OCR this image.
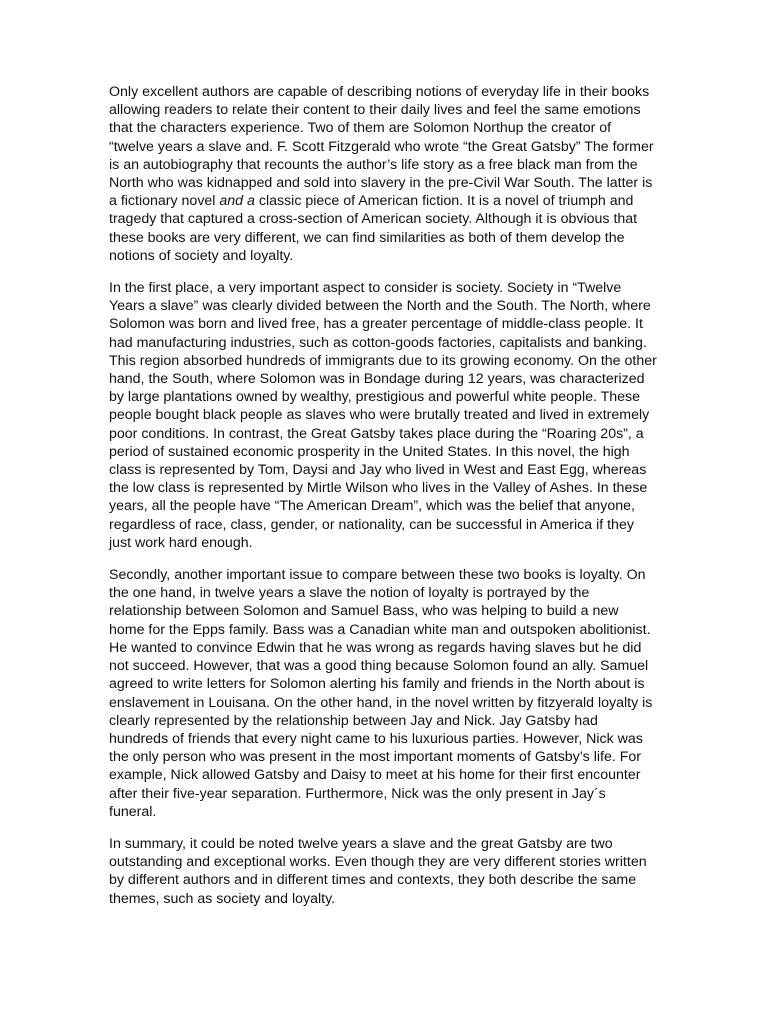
Only excellent authors are capable of describing notions of everyday life in their books allowing readers to relate their content to their daily lives and feel the same emotions that the characters experience. Two of them are Solomon Northup the creator of “twelve years a slave and. F. Scott Fitzgerald who wrote “the Great Gatsby” The former is an autobiography that recounts the author’s life story as a free black man from the North who was kidnapped and sold into slavery in the pre-Civil War South. The latter is a fictionary novel and a classic piece of American fiction. It is a novel of triumph and tragedy that captured a cross-section of American society. Although it is obvious that these books are very different, we can find similarities as both of them develop the notions of society and loyalty.

In the first place, a very important aspect to consider is society. Society in “Twelve Years a slave” was clearly divided between the North and the South. The North, where Solomon was born and lived free, has a greater percentage of middle-class people. It had manufacturing industries, such as cotton-goods factories, capitalists and banking. This region absorbed hundreds of immigrants due to its growing economy. On the other hand, the South, where Solomon was in Bondage during 12 years, was characterized by large plantations owned by wealthy, prestigious and powerful white people. These people bought black people as slaves who were brutally treated and lived in extremely poor conditions. In contrast, the Great Gatsby takes place during the “Roaring 20s”, a period of sustained economic prosperity in the United States. In this novel, the high class is represented by Tom, Daysi and Jay who lived in West and East Egg, whereas the low class is represented by Mirtle Wilson who lives in the Valley of Ashes. In these years, all the people have “The American Dream”, which was the belief that anyone, regardless of race, class, gender, or nationality, can be successful in America if they just work hard enough.

Secondly, another important issue to compare between these two books is loyalty. On the one hand, in twelve years a slave the notion of loyalty is portrayed by the relationship between Solomon and Samuel Bass, who was helping to build a new home for the Epps family. Bass was a Canadian white man and outspoken abolitionist. He wanted to convince Edwin that he was wrong as regards having slaves but he did not succeed. However, that was a good thing because Solomon found an ally. Samuel agreed to write letters for Solomon alerting his family and friends in the North about is enslavement in Louisana. On the other hand, in the novel written by fitzyerald loyalty is clearly represented by the relationship between Jay and Nick. Jay Gatsby had hundreds of friends that every night came to his luxurious parties. However, Nick was the only person who was present in the most important moments of Gatsby’s life. For example, Nick allowed Gatsby and Daisy to meet at his home for their first encounter after their five-year separation. Furthermore, Nick was the only present in Jay´s funeral.

In summary, it could be noted twelve years a slave and the great Gatsby are two outstanding and exceptional works. Even though they are very different stories written by different authors and in different times and contexts, they both describe the same themes, such as society and loyalty.
